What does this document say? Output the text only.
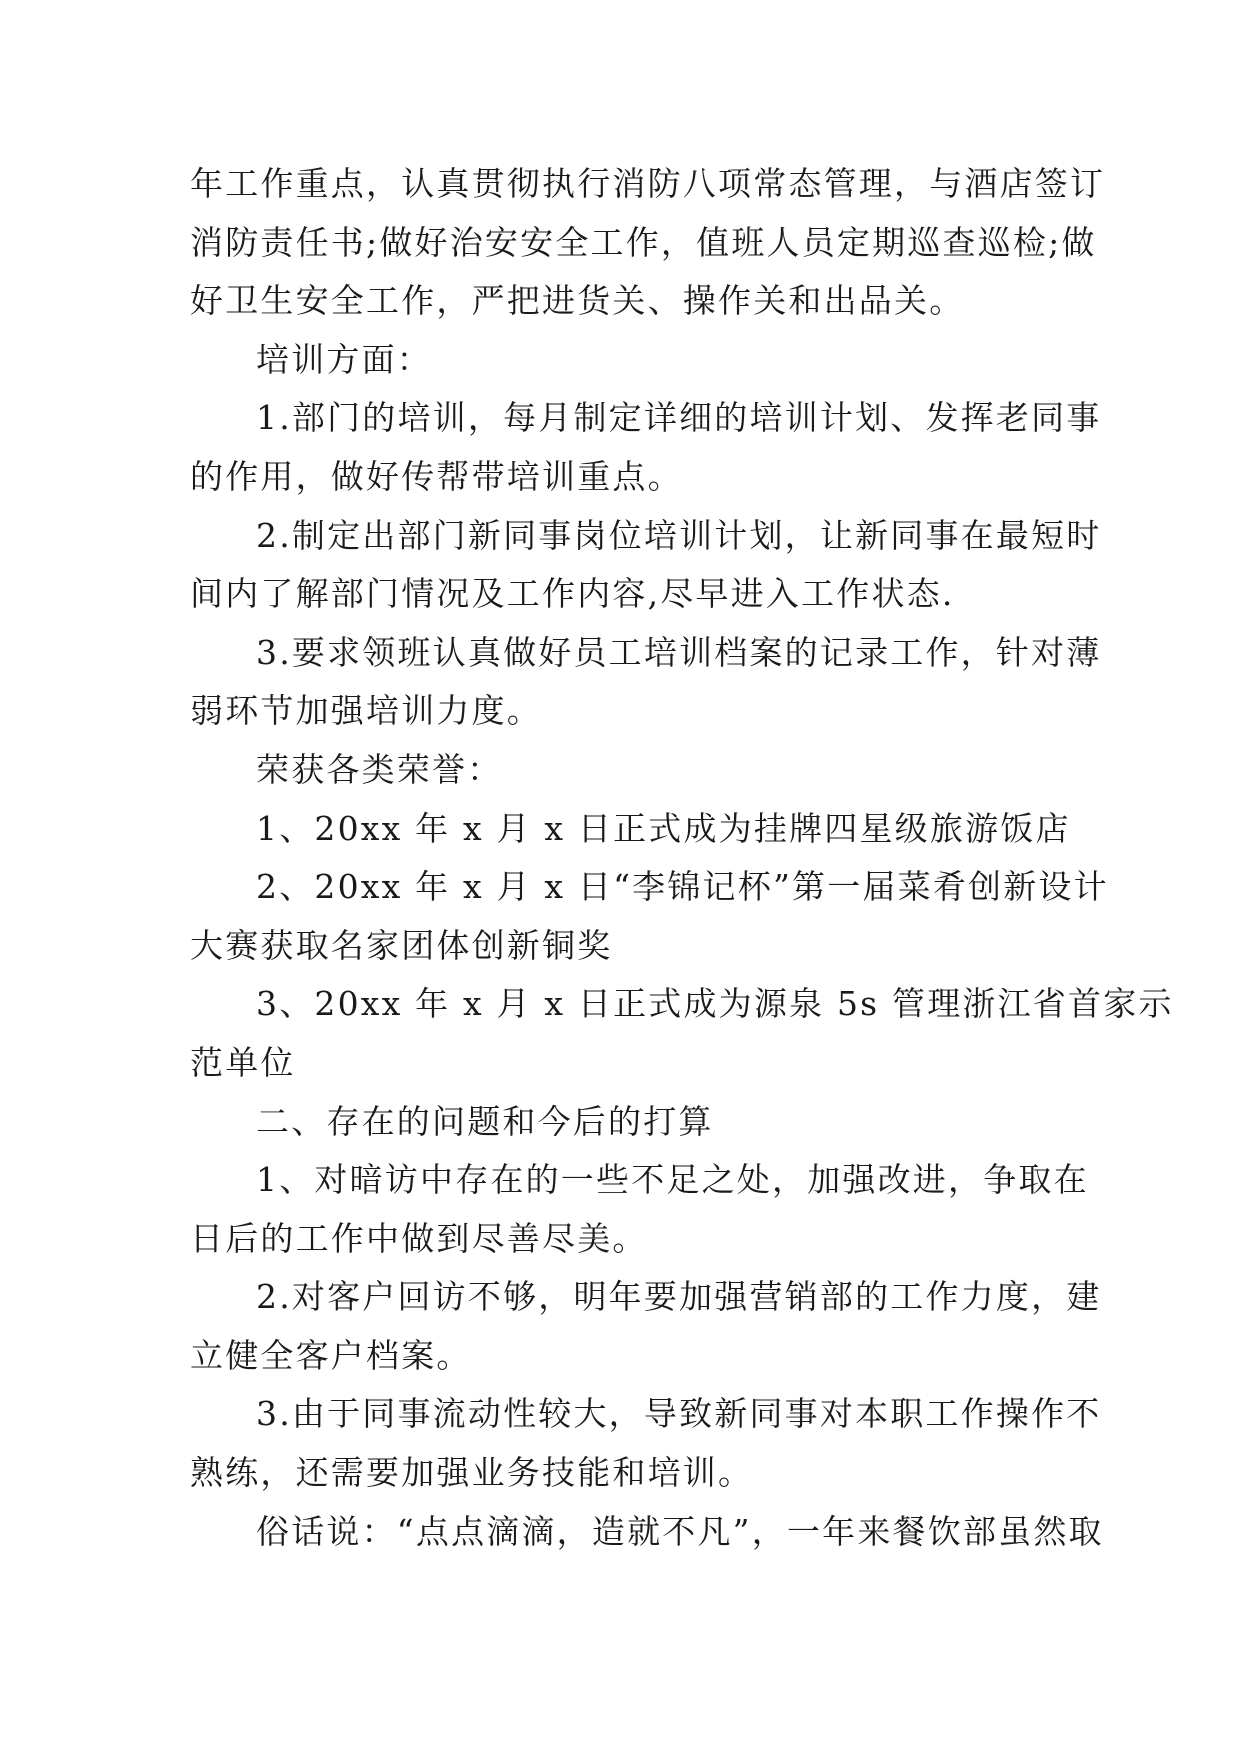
年工作重点，认真贯彻执行消防八项常态管理，与酒店签订
消防责任书;做好治安安全工作，值班人员定期巡查巡检;做
好卫生安全工作，严把进货关、操作关和出品关。
培训方面：
1.部门的培训，每月制定详细的培训计划、发挥老同事
的作用，做好传帮带培训重点。
2.制定出部门新同事岗位培训计划，让新同事在最短时
间内了解部门情况及工作内容,尽早进入工作状态.
3.要求领班认真做好员工培训档案的记录工作，针对薄
弱环节加强培训力度。
荣获各类荣誉：
1、20xx 年 x 月 x 日正式成为挂牌四星级旅游饭店
2、20xx 年 x 月 x 日“李锦记杯”第一届菜肴创新设计
大赛获取名家团体创新铜奖
3、20xx 年 x 月 x 日正式成为源泉 5s 管理浙江省首家示
范单位
二、存在的问题和今后的打算
1、对暗访中存在的一些不足之处，加强改进，争取在
日后的工作中做到尽善尽美。
2.对客户回访不够，明年要加强营销部的工作力度，建
立健全客户档案。
3.由于同事流动性较大，导致新同事对本职工作操作不
熟练，还需要加强业务技能和培训。
俗话说：“点点滴滴，造就不凡”，一年来餐饮部虽然取
